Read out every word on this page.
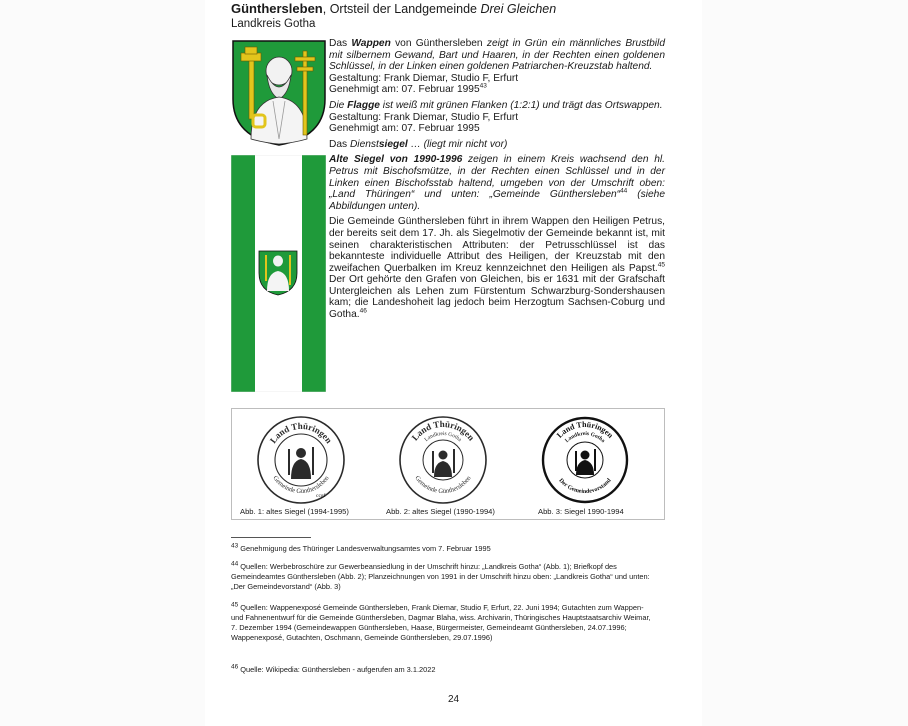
Günthersleben, Ortsteil der Landgemeinde Drei Gleichen
Landkreis Gotha

Das Wappen von Günthersleben zeigt in Grün ein männliches Brustbild mit silbernem Gewand, Bart und Haaren, in der Rechten einen goldenen Schlüssel, in der Linken einen goldenen Patriarchen-Kreuzstab haltend.
Gestaltung: Frank Diemar, Studio F, Erfurt
Genehmigt am: 07. Februar 1995$^{43}$

Die Flagge ist weiß mit grünen Flanken (1:2:1) und trägt das Ortswappen.
Gestaltung: Frank Diemar, Studio F, Erfurt
Genehmigt am: 07. Februar 1995

Das Dienstsiegel … (liegt mir nicht vor)

Alte Siegel von 1990-1996 zeigen in einem Kreis wachsend den hl. Petrus mit Bischofsmütze, in der Rechten einen Schlüssel und in der Linken einen Bischofsstab haltend, umgeben von der Umschrift oben: „Land Thüringen“ und unten: „Gemeinde Günthersleben“$^{44}$ (siehe Abbildungen unten).

Die Gemeinde Günthersleben führt in ihrem Wappen den Heiligen Petrus, der bereits seit dem 17. Jh. als Siegelmotiv der Gemeinde bekannt ist, mit seinen charakteristischen Attributen: der Petrusschlüssel ist das bekannteste individuelle Attribut des Heiligen, der Kreuzstab mit den zweifachen Querbalken im Kreuz kennzeichnet den Heiligen als Papst.$^{45}$ Der Ort gehörte den Grafen von Gleichen, bis er 1631 mit der Grafschaft Untergleichen als Lehen zum Fürstentum Schwarzburg-Sondershausen kam; die Landeshoheit lag jedoch beim Herzogtum Sachsen-Coburg und Gotha.$^{46}$

Land Thüringen
Gemeinde Günthersleben
Land Thüringen
Landkreis Gotha
Gemeinde Günthersleben
Land Thüringen
Landkreis Gotha
Der Gemeindevorstand
ccgf
Abb. 1: altes Siegel (1994-1995)	Abb. 2: altes Siegel (1990-1994)	Abb. 3: Siegel 1990-1994

43 Genehmigung des Thüringer Landesverwaltungsamtes vom 7. Februar 1995

44 Quellen: Werbebroschüre zur Gewerbeansiedlung in der Umschrift hinzu: „Landkreis Gotha“ (Abb. 1); Briefkopf des Gemeindeamtes Günthersleben (Abb. 2); Planzeichnungen von 1991 in der Umschrift hinzu oben: „Landkreis Gotha“ und unten: „Der Gemeindevorstand“ (Abb. 3)

45 Quellen: Wappenexposé Gemeinde Günthersleben, Frank Diemar, Studio F, Erfurt, 22. Juni 1994; Gutachten zum Wappen- und Fahnenentwurf für die Gemeinde Günthersleben, Dagmar Blaha, wiss. Archivarin, Thüringisches Hauptstaatsarchiv Weimar, 7. Dezember 1994 (Gemeindewappen Günthersleben, Haase, Bürgermeister, Gemeindeamt Günthersleben, 24.07.1996; Wappenexposé, Gutachten, Oschmann, Gemeinde Günthersleben, 29.07.1996)

46 Quelle: Wikipedia: Günthersleben - aufgerufen am 3.1.2022

24
